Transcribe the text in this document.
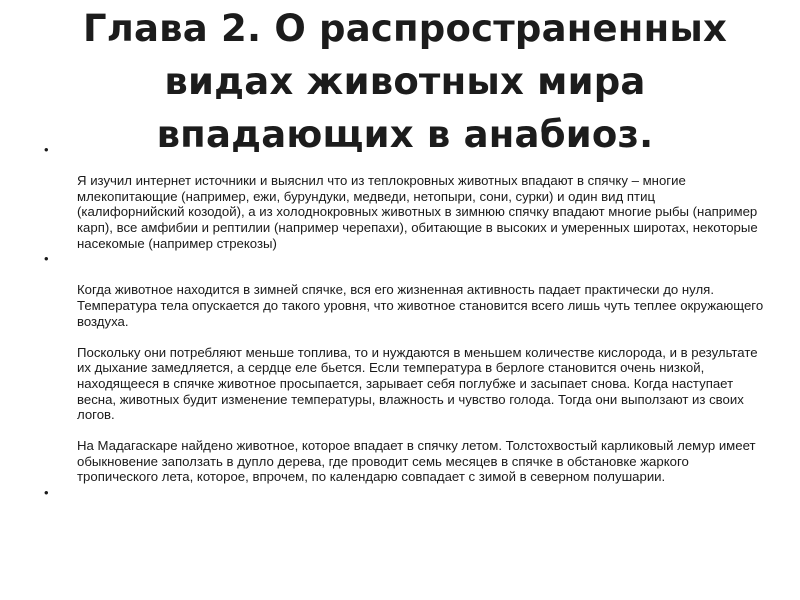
Глава 2. О распространенных видах животных мира впадающих в анабиоз.

•

Я изучил интернет источники и выяснил что из теплокровных животных впадают в спячку – многие млекопитающие (например, ежи, бурундуки, медведи, нетопыри, сони, сурки) и один вид птиц (калифорнийский козодой), а из холоднокровных животных в зимнюю спячку впадают многие рыбы (например карп), все амфибии и рептилии (например черепахи), обитающие в высоких и умеренных широтах, некоторые насекомые (например стрекозы)

•

Когда животное находится в зимней спячке, вся его жизненная активность падает практически до нуля. Температура тела опускается до такого уровня, что животное становится всего лишь чуть теплее окружающего воздуха.

Поскольку они потребляют меньше топлива, то и нуждаются в меньшем количестве кислорода, и в результате их дыхание замедляется, а сердце еле бьется. Если температура в берлоге становится очень низкой, находящееся в спячке животное просыпается, зарывает себя поглубже и засыпает снова. Когда наступает весна, животных будит изменение температуры, влажность и чувство голода. Тогда они выползают из своих логов.

На Мадагаскаре найдено животное, которое впадает в спячку летом. Толстохвостый карликовый лемур имеет обыкновение заползать в дупло дерева, где проводит семь месяцев в спячке в обстановке жаркого тропического лета, которое, впрочем, по календарю совпадает с зимой в северном полушарии.

•
